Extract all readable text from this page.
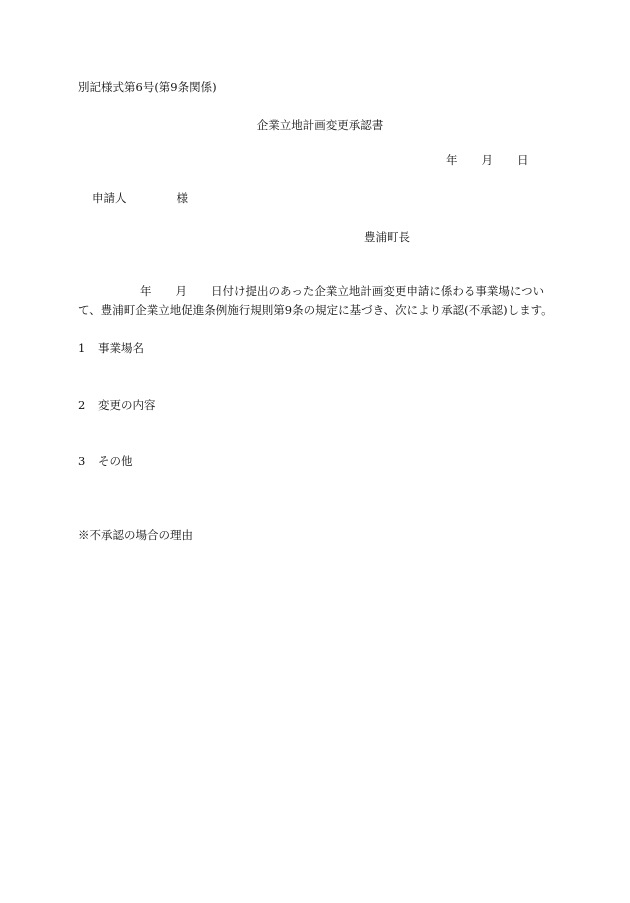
別記様式第6号(第9条関係)
企業立地計画変更承認書
年 月 日
申請人	様
豊浦町長
年 月 日付け提出のあった企業立地計画変更申請に係わる事業場につい
て、豊浦町企業立地促進条例施行規則第9条の規定に基づき、次により承認(不承認)します。
1 事業場名
2 変更の内容
3 その他
※不承認の場合の理由
